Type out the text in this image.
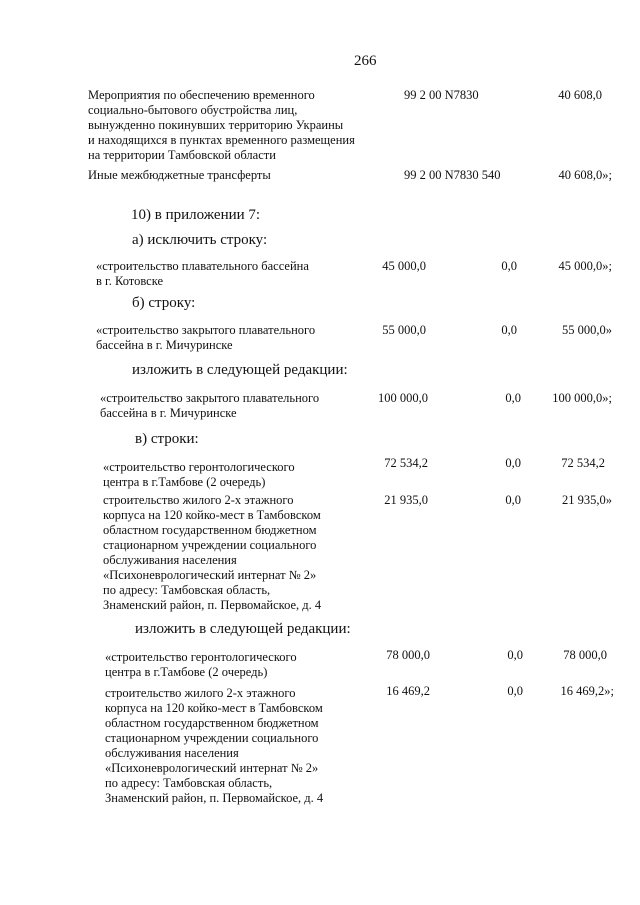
266
Мероприятия по обеспечению временного
социально-бытового обустройства лиц,
вынужденно покинувших территорию Украины
и находящихся в пунктах временного размещения
на территории Тамбовской области
99 2 00 N7830	40 608,0
Иные межбюджетные трансферты	99 2 00 N7830 540	40 608,0»;
10) в приложении 7:
а) исключить строку:
«строительство плавательного бассейна
в г. Котовске
45 000,0	0,0	45 000,0»;
б) строку:
«строительство закрытого плавательного
бассейна в г. Мичуринске
55 000,0	0,0	55 000,0»
изложить в следующей редакции:
«строительство закрытого плавательного
бассейна в г. Мичуринске
100 000,0	0,0	100 000,0»;
в) строки:
«строительство геронтологического
центра в г.Тамбове (2 очередь)
72 534,2	0,0	72 534,2
строительство жилого 2-х этажного
корпуса на 120 койко-мест в Тамбовском
областном государственном бюджетном
стационарном учреждении социального
обслуживания населения
«Психоневрологический интернат № 2»
по адресу: Тамбовская область,
Знаменский район, п. Первомайское, д. 4
21 935,0	0,0	21 935,0»
изложить в следующей редакции:
«строительство геронтологического
центра в г.Тамбове (2 очередь)
78 000,0	0,0	78 000,0
строительство жилого 2-х этажного
корпуса на 120 койко-мест в Тамбовском
областном государственном бюджетном
стационарном учреждении социального
обслуживания населения
«Психоневрологический интернат № 2»
по адресу: Тамбовская область,
Знаменский район, п. Первомайское, д. 4
16 469,2	0,0	16 469,2»;
